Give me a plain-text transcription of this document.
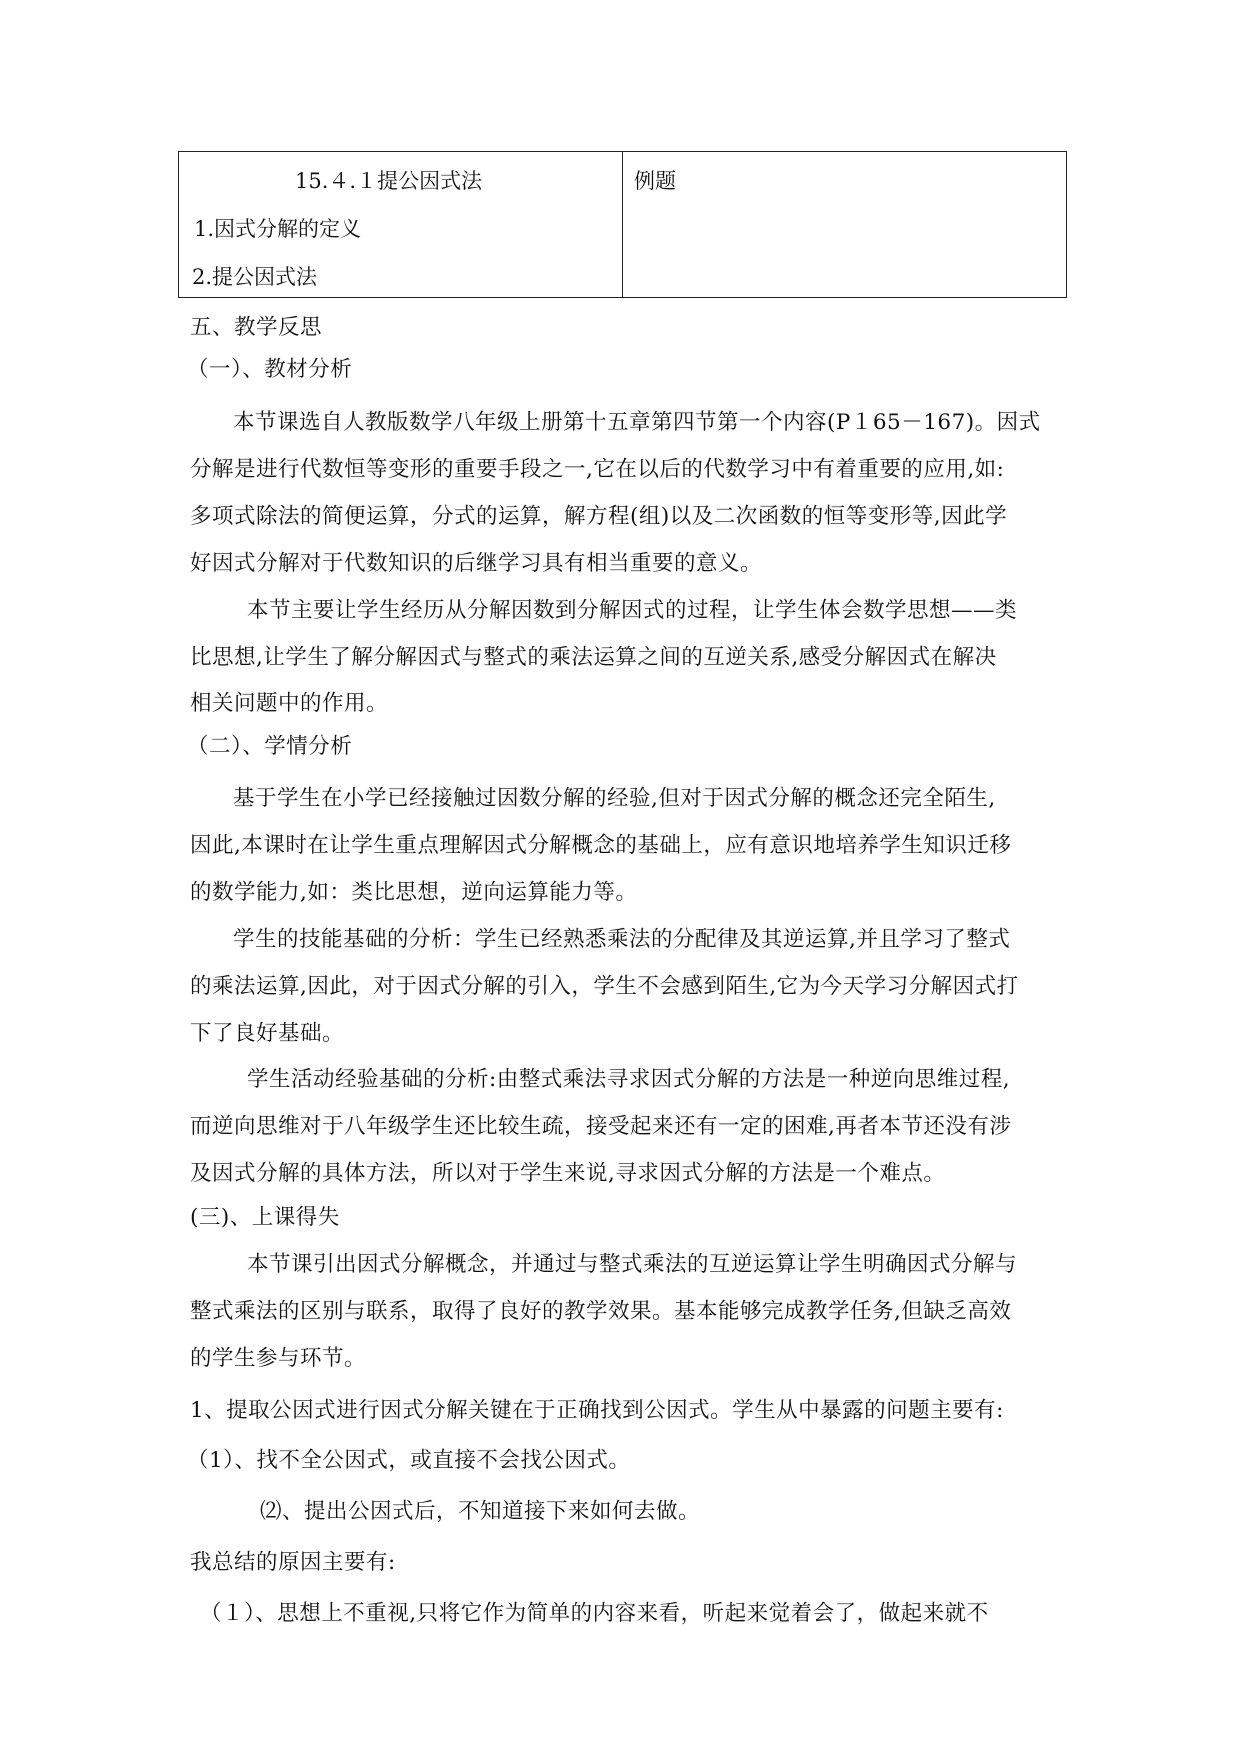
15.４.１提公因式法
1.因式分解的定义
2.提公因式法
例题
五、教学反思
（一）、教材分析
本节课选自人教版数学八年级上册第十五章第四节第一个内容(P１65－167)。因式
分解是进行代数恒等变形的重要手段之一,它在以后的代数学习中有着重要的应用,如:
多项式除法的简便运算，分式的运算，解方程(组)以及二次函数的恒等变形等,因此学
好因式分解对于代数知识的后继学习具有相当重要的意义。
本节主要让学生经历从分解因数到分解因式的过程，让学生体会数学思想——类
比思想,让学生了解分解因式与整式的乘法运算之间的互逆关系,感受分解因式在解决
相关问题中的作用。
（二）、学情分析
基于学生在小学已经接触过因数分解的经验,但对于因式分解的概念还完全陌生,
因此,本课时在让学生重点理解因式分解概念的基础上，应有意识地培养学生知识迁移
的数学能力,如：类比思想，逆向运算能力等。
学生的技能基础的分析：学生已经熟悉乘法的分配律及其逆运算,并且学习了整式
的乘法运算,因此，对于因式分解的引入，学生不会感到陌生,它为今天学习分解因式打
下了良好基础。
学生活动经验基础的分析:由整式乘法寻求因式分解的方法是一种逆向思维过程,
而逆向思维对于八年级学生还比较生疏，接受起来还有一定的困难,再者本节还没有涉
及因式分解的具体方法，所以对于学生来说,寻求因式分解的方法是一个难点。
(三)、上课得失
本节课引出因式分解概念，并通过与整式乘法的互逆运算让学生明确因式分解与
整式乘法的区别与联系，取得了良好的教学效果。基本能够完成教学任务,但缺乏高效
的学生参与环节。
1、提取公因式进行因式分解关键在于正确找到公因式。学生从中暴露的问题主要有:
（1）、找不全公因式，或直接不会找公因式。
⑵、提出公因式后，不知道接下来如何去做。
我总结的原因主要有:
（１）、思想上不重视,只将它作为简单的内容来看，听起来觉着会了，做起来就不
